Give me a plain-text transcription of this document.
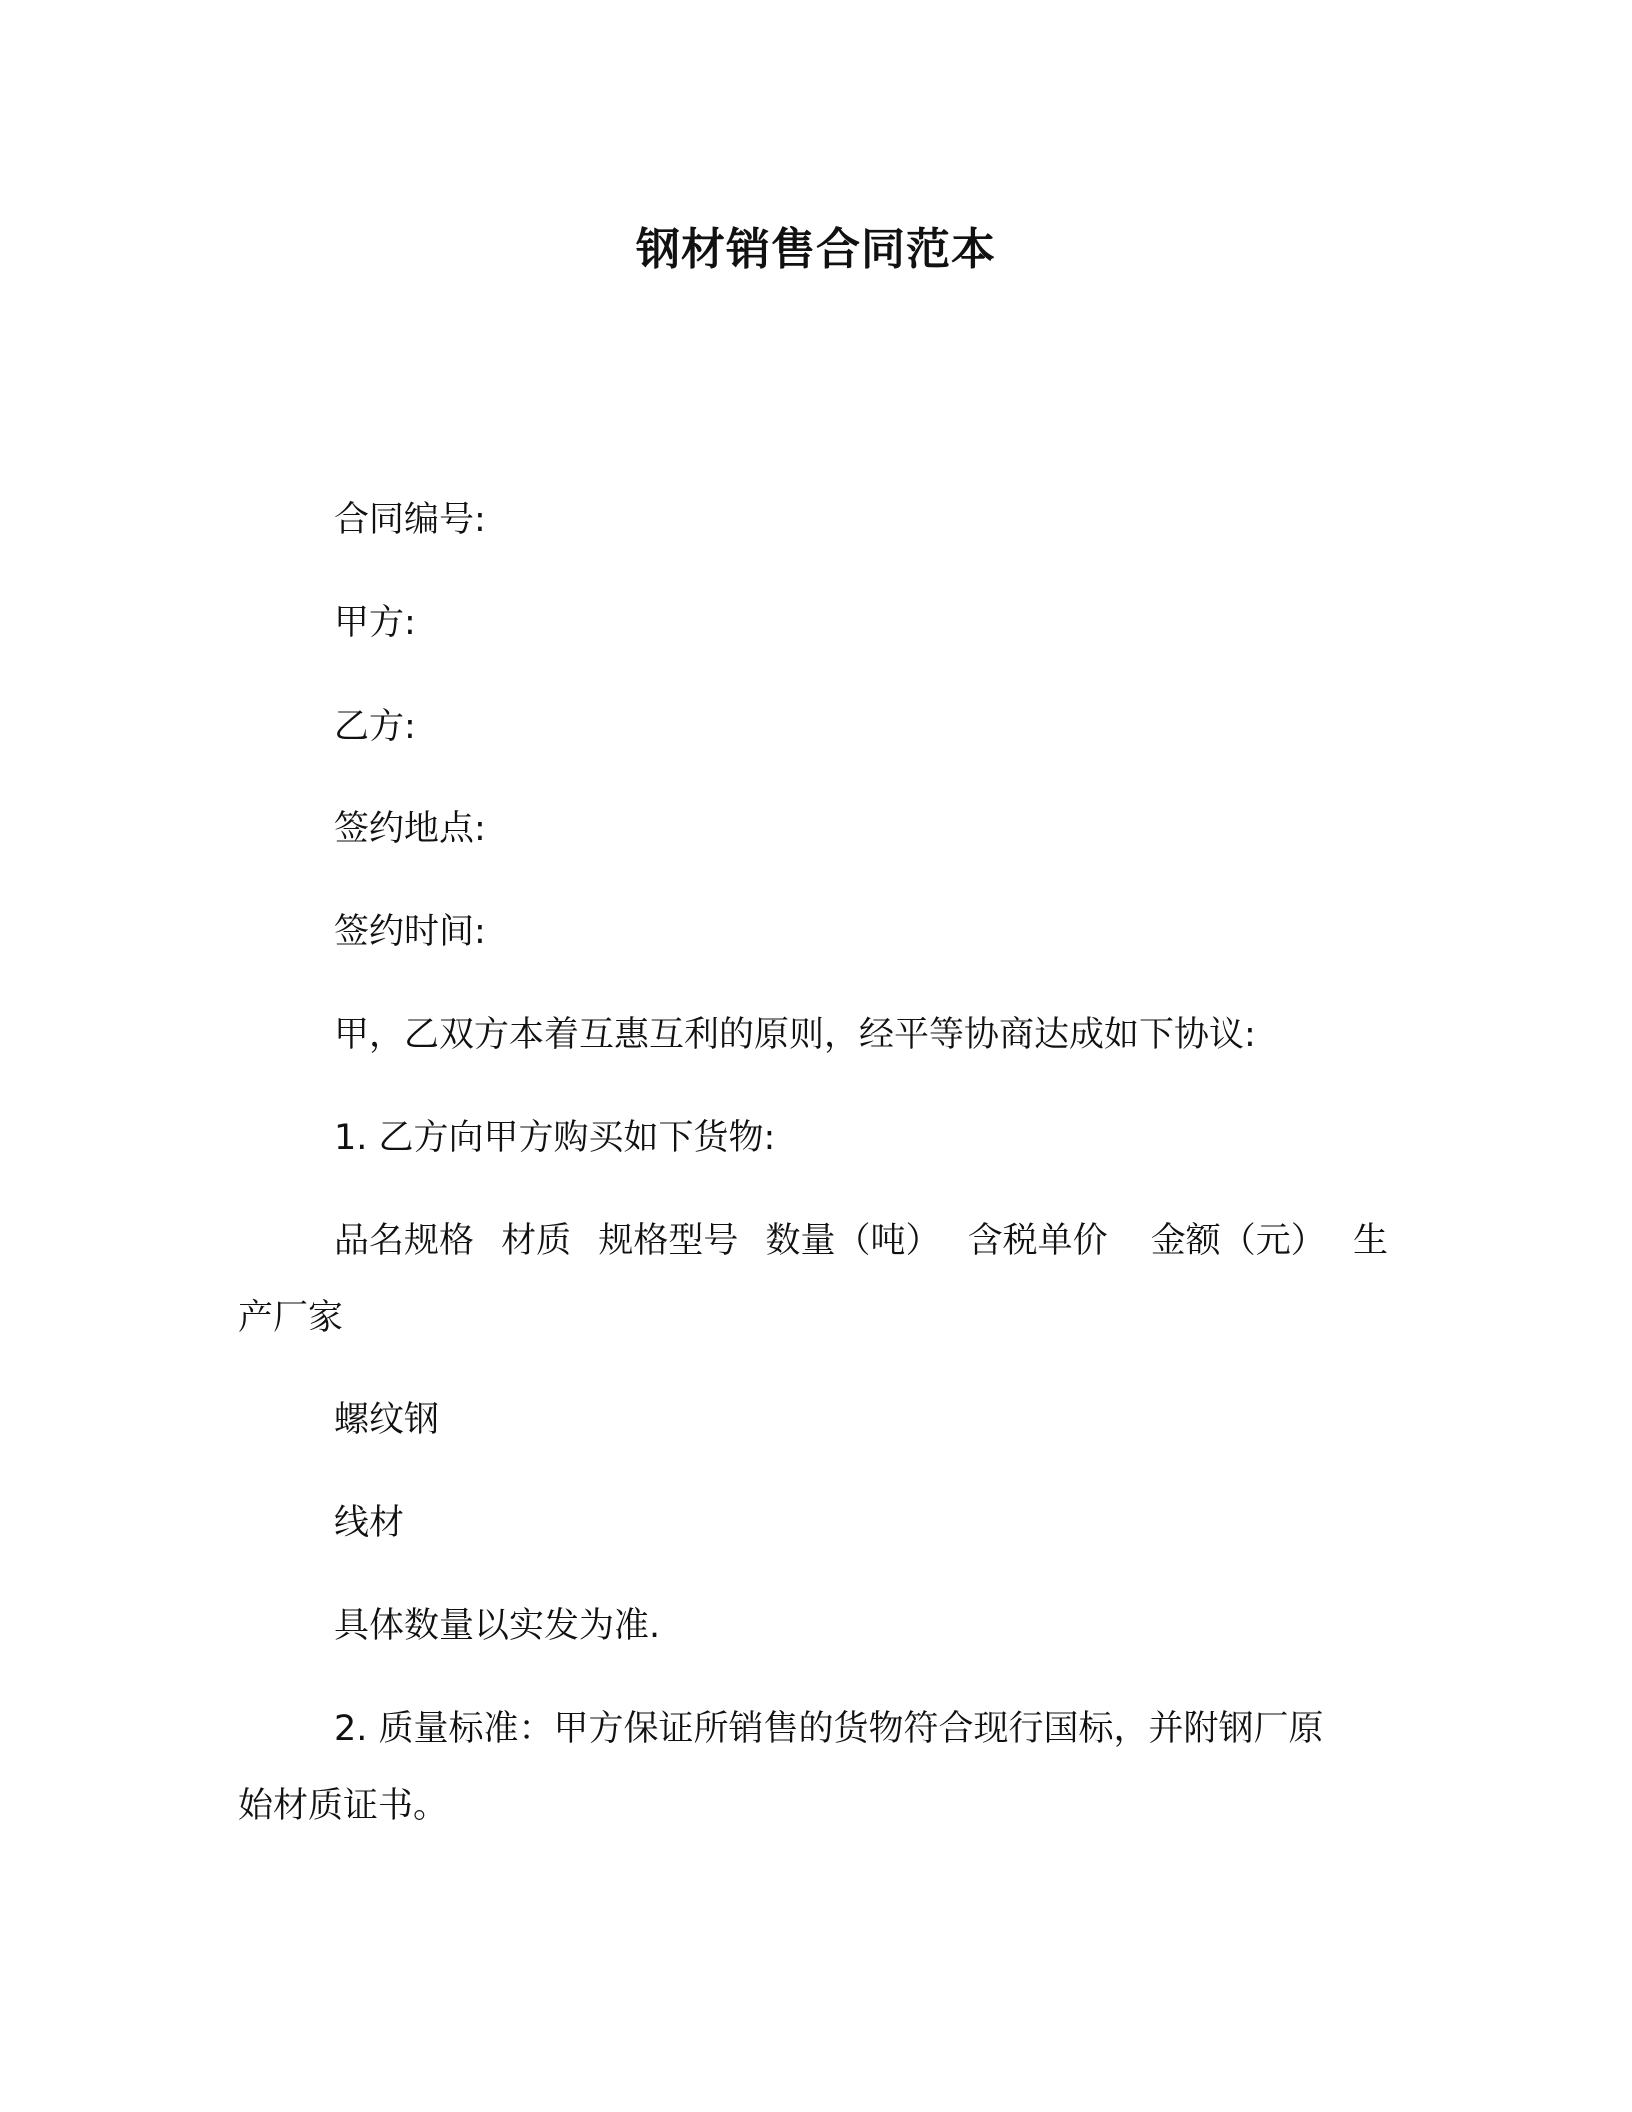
钢材销售合同范本
合同编号:
甲方:
乙方:
签约地点:
签约时间:
甲，乙双方本着互惠互利的原则，经平等协商达成如下协议:
1. 乙方向甲方购买如下货物:
品名规格 材质 规格型号 数量（吨） 含税单价 金额（元） 生
产厂家
螺纹钢
线材
具体数量以实发为准.
2. 质量标准：甲方保证所销售的货物符合现行国标，并附钢厂原
始材质证书。
